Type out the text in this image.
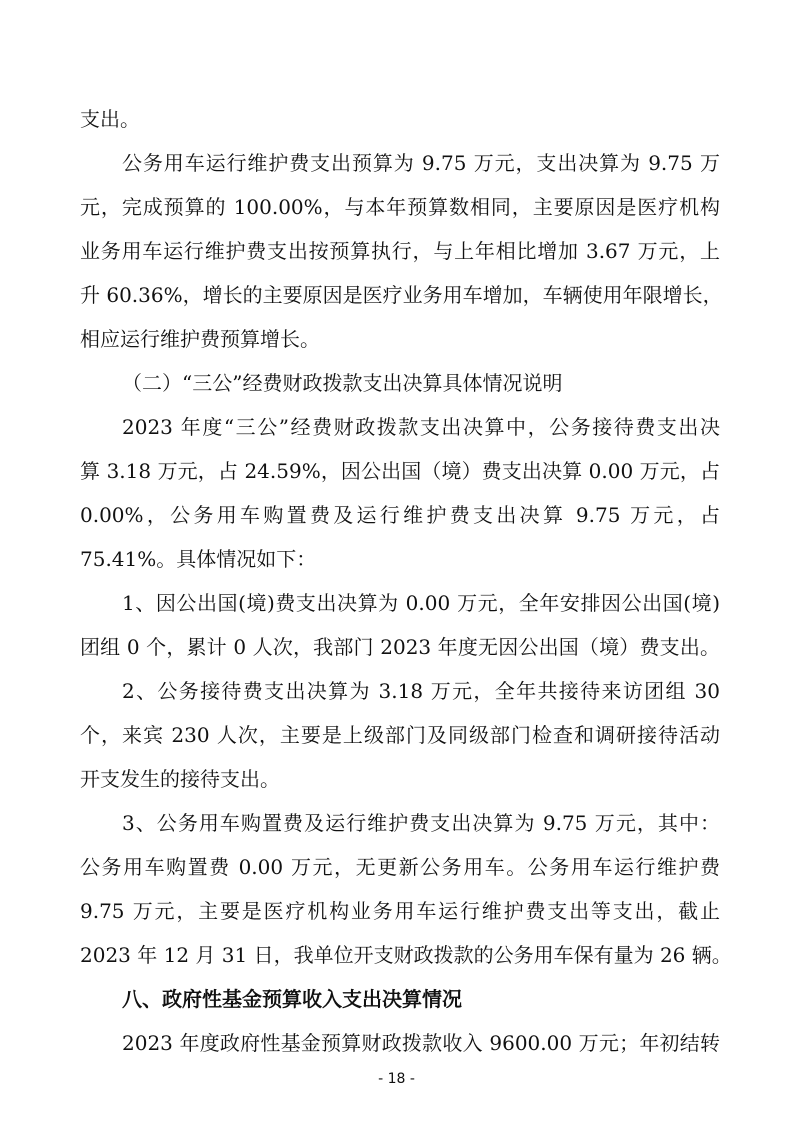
支出。
公务用车运行维护费支出预算为 9.75 万元，支出决算为 9.75 万
元，完成预算的 100.00%，与本年预算数相同，主要原因是医疗机构
业务用车运行维护费支出按预算执行，与上年相比增加 3.67 万元，上
升 60.36%，增长的主要原因是医疗业务用车增加，车辆使用年限增长，
相应运行维护费预算增长。
（二）“三公”经费财政拨款支出决算具体情况说明
2023 年度“三公”经费财政拨款支出决算中，公务接待费支出决
算 3.18 万元，占 24.59%，因公出国（境）费支出决算 0.00 万元，占
0.00%，公务用车购置费及运行维护费支出决算 9.75 万元，占
75.41%。具体情况如下：
1、因公出国(境)费支出决算为 0.00 万元，全年安排因公出国(境)
团组 0 个，累计 0 人次，我部门 2023 年度无因公出国（境）费支出。
2、公务接待费支出决算为 3.18 万元，全年共接待来访团组 30
个，来宾 230 人次，主要是上级部门及同级部门检查和调研接待活动
开支发生的接待支出。
3、公务用车购置费及运行维护费支出决算为 9.75 万元，其中：
公务用车购置费 0.00 万元，无更新公务用车。公务用车运行维护费
9.75 万元，主要是医疗机构业务用车运行维护费支出等支出，截止
2023 年 12 月 31 日，我单位开支财政拨款的公务用车保有量为 26 辆。
八、政府性基金预算收入支出决算情况
2023 年度政府性基金预算财政拨款收入 9600.00 万元；年初结转
- 18 -
